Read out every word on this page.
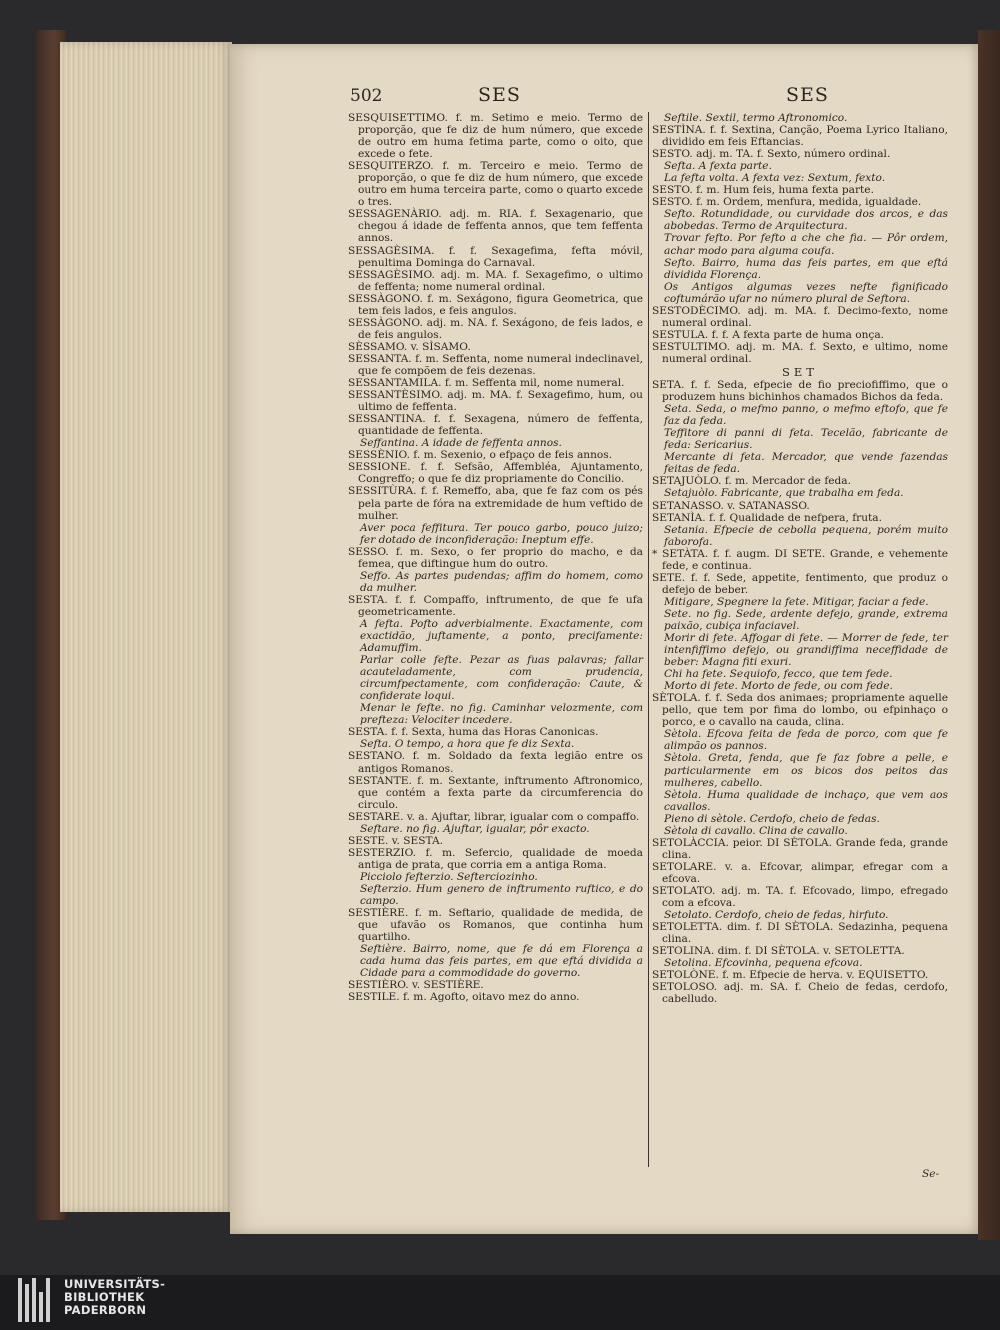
502	SES	SES
SESQUISETTIMO. f. m. Setimo e meio. Termo de proporção, que fe diz de hum número, que excede de outro em huma fetima parte, como o oito, que excede o fete.
SESQUITERZO. f. m. Terceiro e meio. Termo de proporção, o que fe diz de hum número, que excede outro em huma terceira parte, como o quarto excede o tres.
SESSAGENÀRIO. adj. m. RIA. f. Sexagenario, que chegou á idade de feffenta annos, que tem feffenta annos.
SESSAGÈSIMA. f. f. Sexagefima, fefta móvil, penultima Dominga do Carnaval.
SESSAGÈSIMO. adj. m. MA. f. Sexagefimo, o ultimo de feffenta; nome numeral ordinal.
SESSÀGONO. f. m. Sexágono, figura Geometrica, que tem feis lados, e feis angulos.
SESSÀGONO. adj. m. NA. f. Sexágono, de feis lados, e de feis angulos.
SÈSSAMO. v. SÌSAMO.
SESSANTA. f. m. Seffenta, nome numeral indeclinavel, que fe compõem de feis dezenas.
SESSANTAMILA. f. m. Seffenta mil, nome numeral.
SESSANTÈSIMO. adj. m. MA. f. Sexagefimo, hum, ou ultimo de feffenta.
SESSANTINA. f. f. Sexagena, número de feffenta, quantidade de feffenta.
Seffantina. A idade de feffenta annos.
SESSÈNIO. f. m. Sexenio, o efpaço de feis annos.
SESSIONE. f. f. Sefsão, Affembléa, Ajuntamento, Congreffo; o que fe diz propriamente do Concilio.
SESSITÙRA. f. f. Remeffo, aba, que fe faz com os pés pela parte de fóra na extremidade de hum veftido de mulher.
Aver poca feffitura. Ter pouco garbo, pouco juizo; fer dotado de inconfideração: Ineptum effe.
SESSO. f. m. Sexo, o fer proprio do macho, e da femea, que diftingue hum do outro.
Seffo. As partes pudendas; affim do homem, como da mulher.
SESTA. f. f. Compaffo, inftrumento, de que fe ufa geometricamente.
A fefta. Pofto adverbialmente. Exactamente, com exactidão, juftamente, a ponto, precifamente: Adamuffim.
Parlar colle fefte. Pezar as fuas palavras; fallar acauteladamente, com prudencia, circumfpectamente, com confideração: Caute, & confiderate loqui.
Menar le fefte. no fig. Caminhar velozmente, com preftezа: Velociter incedere.
SESTA. f. f. Sexta, huma das Horas Canonicas.
Sefta. O tempo, a hora que fe diz Sexta.
SESTANO. f. m. Soldado da fexta legião entre os antigos Romanos.
SESTANTE. f. m. Sextante, inftrumento Aftronomico, que contém a fexta parte da circumferencia do circulo.
SESTARE. v. a. Ajuftar, librar, igualar com o compaffo.
Seftare. no fig. Ajuftar, igualar, pôr exacto.
SESTE. v. SESTA.
SESTERZIO. f. m. Sefercio, qualidade de moeda antiga de prata, que corria em a antiga Roma.
Picciolo fefterzio. Sefterciozinho.
Sefterzio. Hum genero de inftrumento ruftico, e do campo.
SESTIÈRE. f. m. Seftario, qualidade de medida, de que ufavão os Romanos, que continha hum quartilho.
Seftière. Bairro, nome, que fe dá em Florença a cada huma das feis partes, em que eftá dividida a Cidade para a commodidade do governo.
SESTIÈRO. v. SESTIÈRE.
SESTILE. f. m. Agofto, oitavo mez do anno.
Seftile. Sextil, termo Aftronomico.
SESTÌNA. f. f. Sextina, Canção, Poema Lyrico Italiano, dividido em feis Eftancias.
SESTO. adj. m. TA. f. Sexto, número ordinal.
Sefta. A fexta parte.
La fefta volta. A fexta vez: Sextum, fexto.
SESTO. f. m. Hum feis, huma fexta parte.
SESTO. f. m. Ordem, menfura, medida, igualdade.
Sefto. Rotundidade, ou curvidade dos arcos, e das abobedas. Termo de Arquitectura.
Trovar fefto. Por fefto a che che fia. — Pôr ordem, achar modo para alguma coufa.
Sefto. Bairro, huma das feis partes, em que eftá dividida Florença.
Os Antigos algumas vezes nefte fignificado coftumárão ufar no número plural de Seftora.
SESTODÈCIMO. adj. m. MA. f. Decimo-fexto, nome numeral ordinal.
SESTULA. f. f. A fexta parte de huma onça.
SESTULTIMO. adj. m. MA. f. Sexto, e ultimo, nome numeral ordinal.
SET
SETA. f. f. Seda, efpecie de fio preciofiffimo, que o produzem huns bichinhos chamados Bichos da feda.
Seta. Seda, o mefmo panno, o mefmo eftofo, que fe faz da feda.
Teffitore di panni di feta. Tecelão, fabricante de feda: Sericarius.
Mercante di feta. Mercador, que vende fazendas feitas de feda.
SETAJUÒLO. f. m. Mercador de feda.
Setajuòlo. Fabricante, que trabalha em feda.
SETANASSO. v. SATANASSO.
SETANÌA. f. f. Qualidade de nefpera, fruta.
Setania. Efpecie de cebolla pequena, porém muito faborofa.
* SETÀTA. f. f. augm. DI SETE. Grande, e vehemente fede, e continua.
SETE. f. f. Sede, appetite, fentimento, que produz o defejo de beber.
Mitigare, Spegnere la fete. Mitigar, faciar a fede.
Sete. no fig. Sede, ardente defejo, grande, extrema paixão, cubiça infaciavel.
Morir di fete. Affogar di fete. — Morrer de fede, ter intenfiffimo defejo, ou grandiffima neceffidade de beber: Magna fiti exuri.
Chi ha fete. Sequiofo, fecco, que tem fede.
Morto di fete. Morto de fede, ou com fede.
SÈTOLA. f. f. Seda dos animaes; propriamente aquelle pello, que tem por fima do lombo, ou efpinhaço o porco, e o cavallo na cauda, clina.
Sètola. Efcova feita de feda de porco, com que fe alimpão os pannos.
Sètola. Greta, fenda, que fe faz fobre a pelle, e particularmente em os bicos dos peitos das mulheres, cabello.
Sètola. Huma qualidade de inchaço, que vem aos cavallos.
Pieno di sètole. Cerdofo, cheio de fedas.
Sètola di cavallo. Clina de cavallo.
SETOLÀCCIA. peior. DI SÈTOLA. Grande feda, grande clina.
SETOLARE. v. a. Efcovar, alimpar, efregar com a efcova.
SETOLATO. adj. m. TA. f. Efcovado, limpo, efregado com a efcova.
Setolato. Cerdofo, cheio de fedas, hirfuto.
SETOLETTA. dim. f. DI SÈTOLA. Sedazinha, pequena clina.
SETOLINA. dim. f. DI SÈTOLA. v. SETOLETTA.
Setolina. Efcovinha, pequena efcova.
SETOLÒNE. f. m. Efpecie de herva. v. EQUISETTO.
SETOLOSO. adj. m. SA. f. Cheio de fedas, cerdofo, cabelludo.
Se-
UNIVERSITÄTS-
BIBLIOTHEK
PADERBORN
